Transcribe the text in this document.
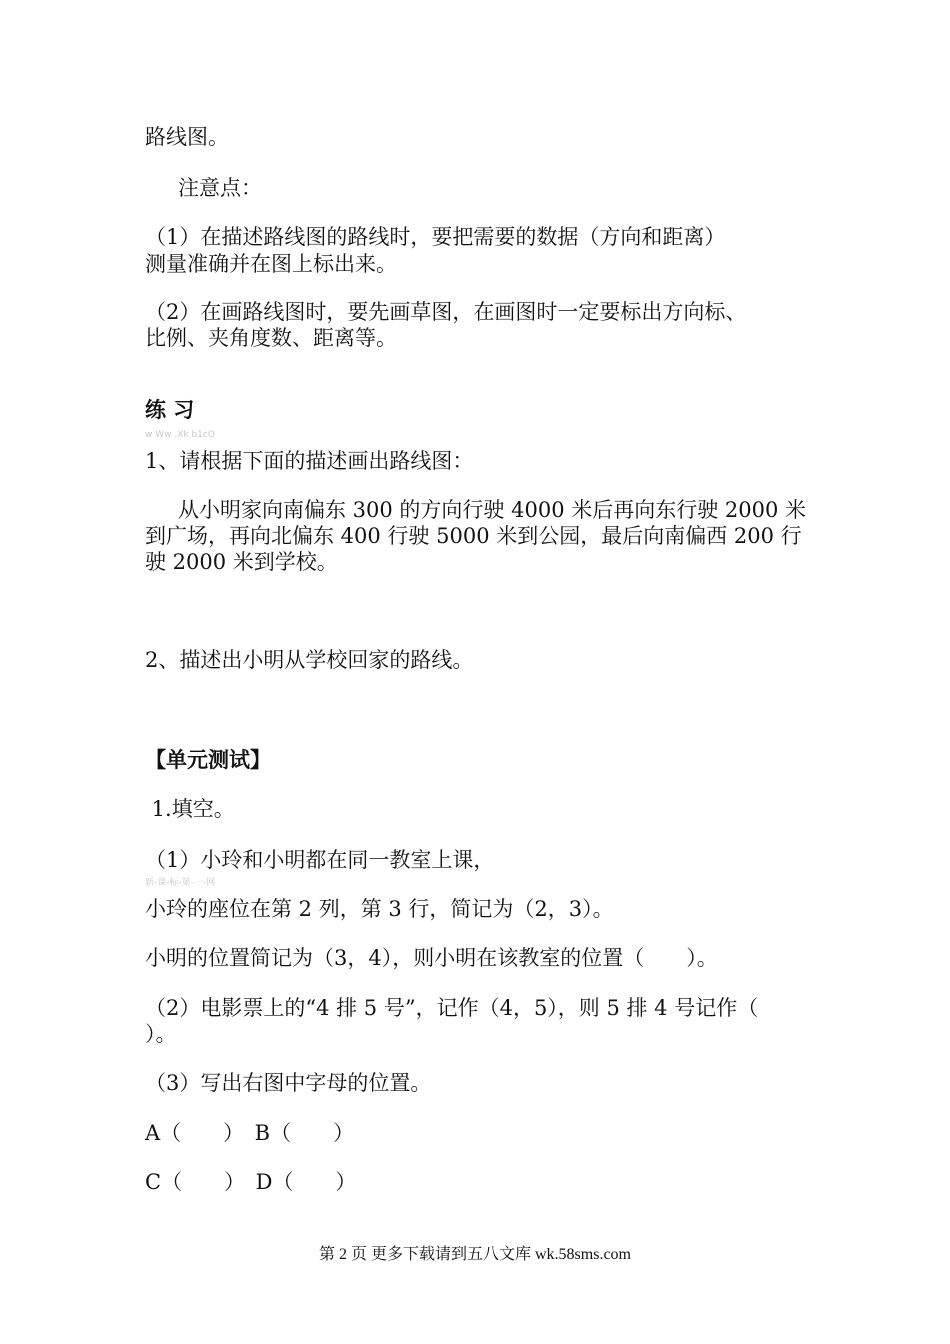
路线图。
注意点：
（1）在描述路线图的路线时，要把需要的数据（方向和距离）
测量准确并在图上标出来。
（2）在画路线图时，要先画草图，在画图时一定要标出方向标、
比例、夹角度数、距离等。
练 习
w Ww .Xk b1cO
1、请根据下面的描述画出路线图：
从小明家向南偏东 300 的方向行驶 4000 米后再向东行驶 2000 米
到广场，再向北偏东 400 行驶 5000 米到公园，最后向南偏西 200 行
驶 2000 米到学校。
2、描述出小明从学校回家的路线。
【单元测试】
1.填空。
（1）小玲和小明都在同一教室上课，
新-课-标-第-一-网
小玲的座位在第 2 列，第 3 行，简记为（2，3）。
小明的位置简记为（3，4），则小明在该教室的位置（　　）。
（2）电影票上的“4 排 5 号”，记作（4，5），则 5 排 4 号记作（
）。
（3）写出右图中字母的位置。
A（　　）　B（　　）
C（　　）　D（　　）
第 2 页 更多下载请到五八文库 wk.58sms.com
